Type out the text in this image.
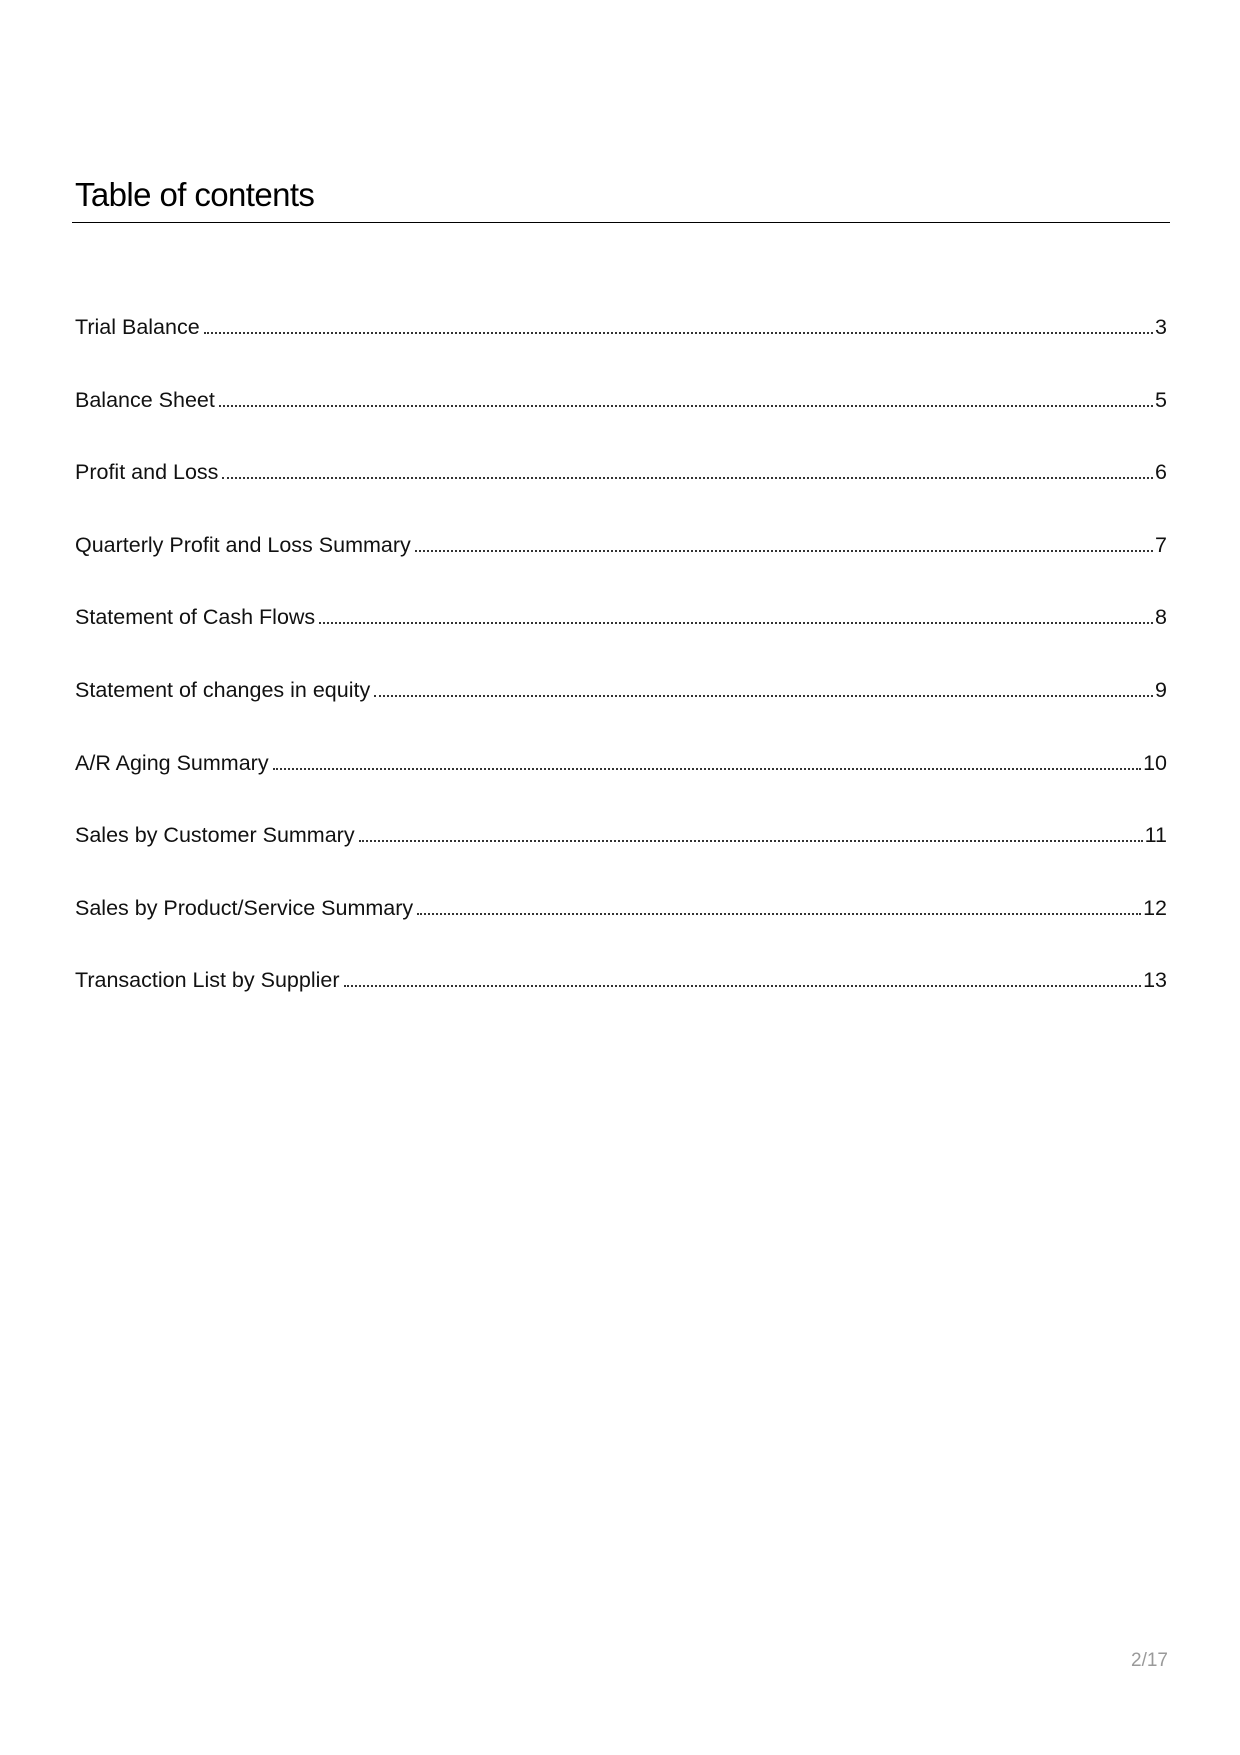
Table of contents
Trial Balance	3
Balance Sheet	5
Profit and Loss	6
Quarterly Profit and Loss Summary	7
Statement of Cash Flows	8
Statement of changes in equity	9
A/R Aging Summary	10
Sales by Customer Summary	11
Sales by Product/Service Summary	12
Transaction List by Supplier	13
2/17
